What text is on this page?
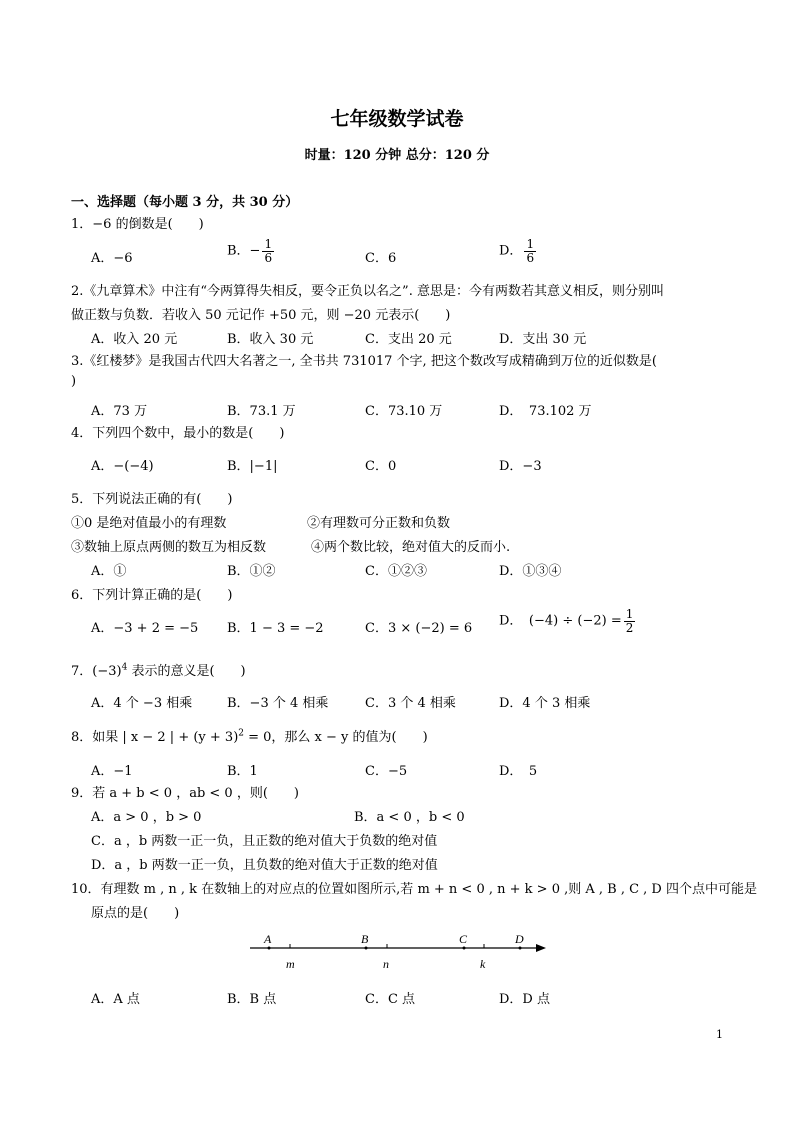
七年级数学试卷
时量：120 分钟 总分：120 分
一、选择题（每小题 3 分，共 30 分）
1．−6 的倒数是(　　)
A．−6	B．− $\frac{1}{6}$	C．6	D． $\frac{1}{6}$
2.《九章算术》中注有“今两算得失相反，要令正负以名之”. 意思是：今有两数若其意义相反，则分别叫
做正数与负数．若收入 50 元记作 +50 元，则 −20 元表示(　　)
A．收入 20 元	B．收入 30 元	C．支出 20 元	D．支出 30 元
3.《红楼梦》是我国古代四大名著之一, 全书共 731017 个字, 把这个数改写成精确到万位的近似数是(
)
A．73 万	B．73.1 万	C．73.10 万	D．　73.102 万
4．下列四个数中，最小的数是(　　)
A．−(−4)	B．|−1|	C．0	D．−3
5．下列说法正确的有(　　)
①0 是绝对值最小的有理数	②有理数可分正数和负数
③数轴上原点两侧的数互为相反数	④两个数比较，绝对值大的反而小.
A．①	B．①②	C．①②③	D．①③④
6．下列计算正确的是(　　)
A．−3 + 2 = −5 B．1 − 3 = −2	C．3 × (−2) = 6 D．　$(-4) \div (-2) = \frac{1}{2}$
7．$(-3)^4$ 表示的意义是(　　)
A．4 个 −3 相乘	B．−3 个 4 相乘	C．3 个 4 相乘	D．4 个 3 相乘
8．如果 | x − 2 | + $(y + 3)^2 = 0$，那么 x − y 的值为(　　)
A．−1	B．1	C．−5	D．　5
9．若 a + b < 0 ，ab < 0 ，则(　　)
A．a > 0 ，b > 0	B．a < 0 ，b < 0
C．a ，b 两数一正一负，且正数的绝对值大于负数的绝对值
D．a ，b 两数一正一负，且负数的绝对值大于正数的绝对值
10．有理数 m , n , k 在数轴上的对应点的位置如图所示,若 m + n < 0 , n + k > 0 ,则 A , B , C , D 四个点中可能是
原点的是(　　)
A	B	C	D
m	n	k
A．A 点	B．B 点	C．C 点	D．D 点
1
